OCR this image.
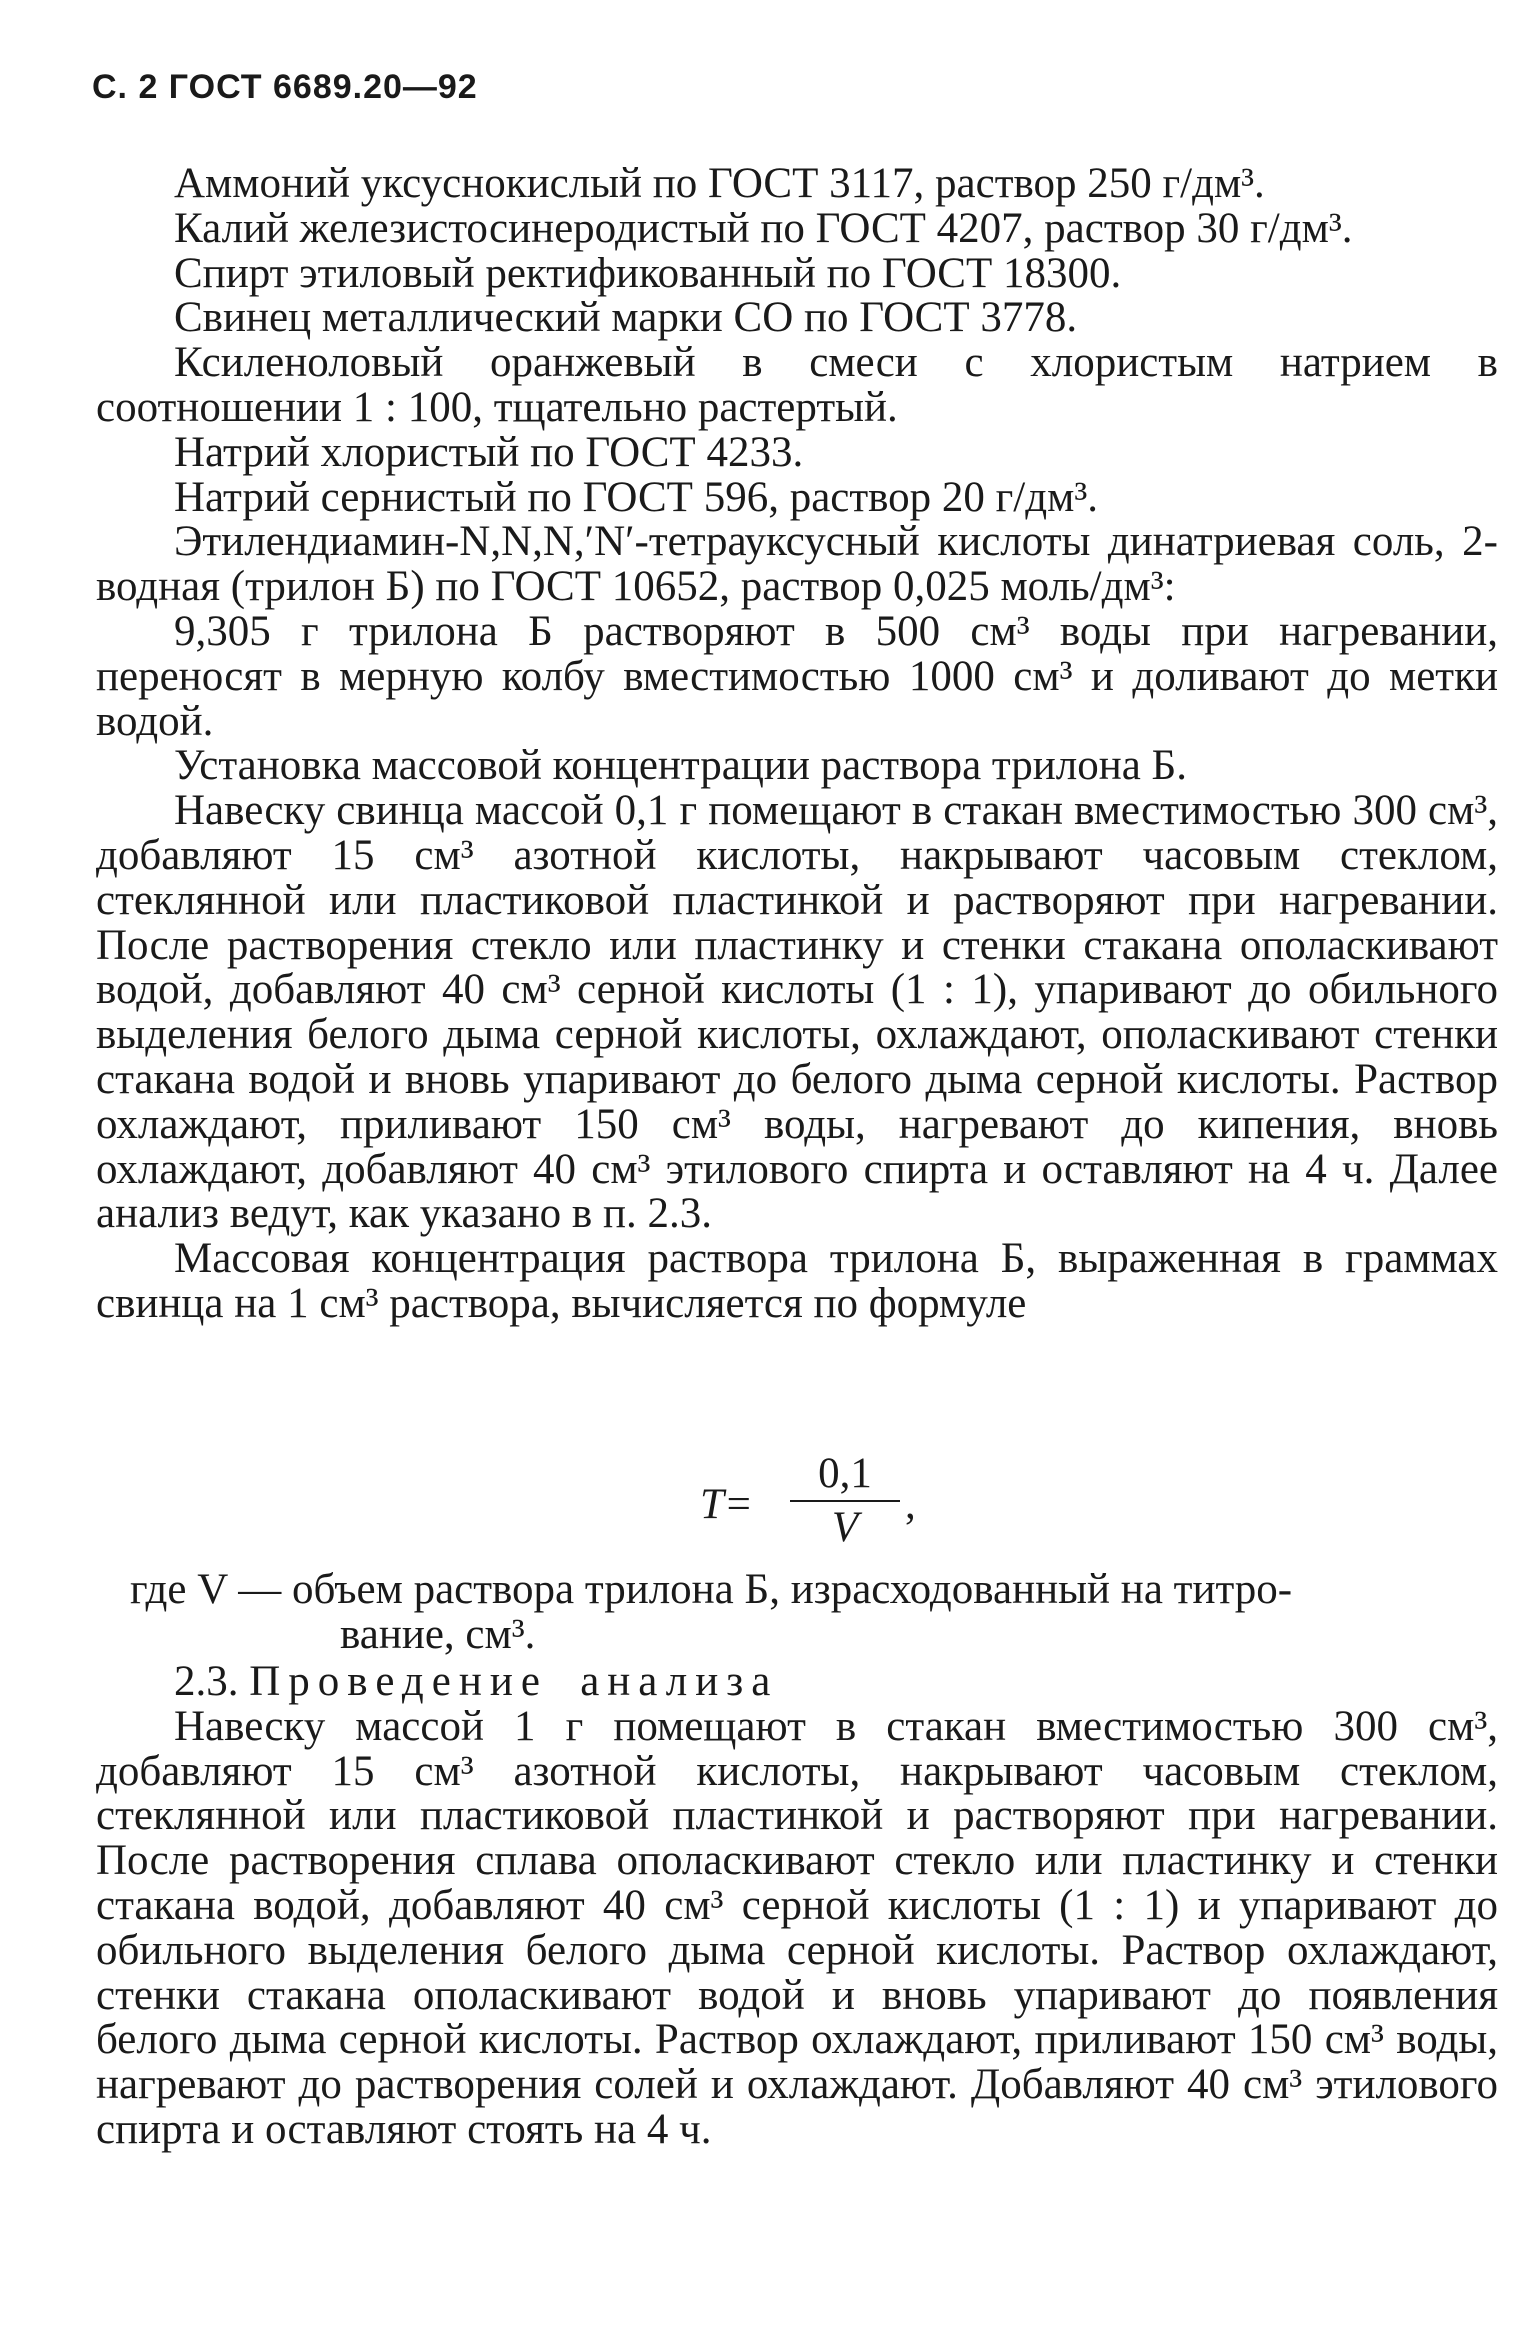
С. 2 ГОСТ 6689.20—92

Аммоний уксуснокислый по ГОСТ 3117, раствор 250 г/дм³.

Калий железистосинеродистый по ГОСТ 4207, раствор 30 г/дм³.

Спирт этиловый ректификованный по ГОСТ 18300.

Свинец металлический марки СО по ГОСТ 3778.

Ксиленоловый оранжевый в смеси с хлористым натрием в соотношении 1 : 100, тщательно растертый.

Натрий хлористый по ГОСТ 4233.

Натрий сернистый по ГОСТ 596, раствор 20 г/дм³.

Этилендиамин-N,N,N,′N′-тетрауксусный кислоты динатриевая соль, 2-водная (трилон Б) по ГОСТ 10652, раствор 0,025 моль/дм³:

9,305 г трилона Б растворяют в 500 см³ воды при нагревании, переносят в мерную колбу вместимостью 1000 см³ и доливают до метки водой.

Установка массовой концентрации раствора трилона Б.

Навеску свинца массой 0,1 г помещают в стакан вместимостью 300 см³, добавляют 15 см³ азотной кислоты, накрывают часовым стеклом, стеклянной или пластиковой пластинкой и растворяют при нагревании. После растворения стекло или пластинку и стенки стакана ополаскивают водой, добавляют 40 см³ серной кислоты (1 : 1), упаривают до обильного выделения белого дыма серной кислоты, охлаждают, ополаскивают стенки стакана водой и вновь упаривают до белого дыма серной кислоты. Раствор охлаждают, приливают 150 см³ воды, нагревают до кипения, вновь охлаждают, добавляют 40 см³ этилового спирта и оставляют на 4 ч. Далее анализ ведут, как указано в п. 2.3.

Массовая концентрация раствора трилона Б, выраженная в граммах свинца на 1 см³ раствора, вычисляется по формуле

T=
0,1
V	,
где V — объем раствора трилона Б, израсходованный на титро-
вание, см³.
2.3. Проведение анализа

Навеску массой 1 г помещают в стакан вместимостью 300 см³, добавляют 15 см³ азотной кислоты, накрывают часовым стеклом, стеклянной или пластиковой пластинкой и растворяют при нагревании. После растворения сплава ополаскивают стекло или пластинку и стенки стакана водой, добавляют 40 см³ серной кислоты (1 : 1) и упаривают до обильного выделения белого дыма серной кислоты. Раствор охлаждают, стенки стакана ополаскивают водой и вновь упаривают до появления белого дыма серной кислоты. Раствор охлаждают, приливают 150 см³ воды, нагревают до растворения солей и охлаждают. Добавляют 40 см³ этилового спирта и оставляют стоять на 4 ч.
